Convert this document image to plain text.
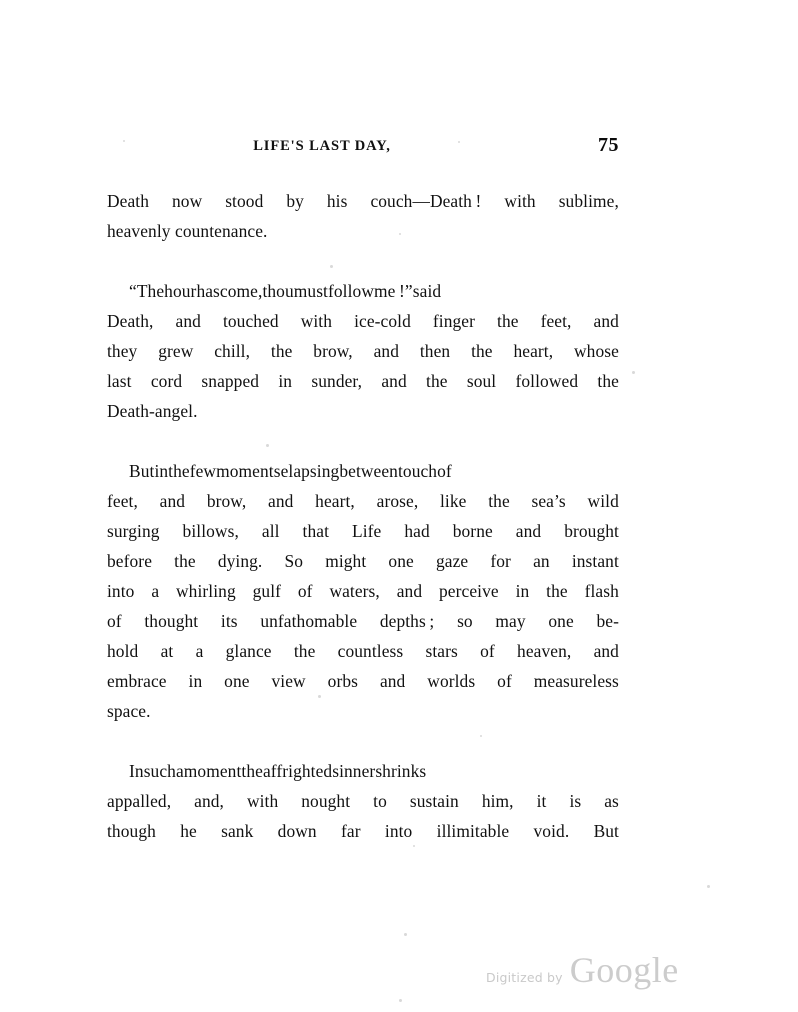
LIFE'S LAST DAY,	75

Death now stood by his couch—Death ! with sublime,
heavenly countenance.

“The hour has come, thou must follow me !” said
Death, and touched with ice-cold finger the feet, and
they grew chill, the brow, and then the heart, whose
last cord snapped in sunder, and the soul followed the
Death-angel.

But in the few moments elapsing between touch of
feet, and brow, and heart, arose, like the sea’s wild
surging billows, all that Life had borne and brought
before the dying. So might one gaze for an instant
into a whirling gulf of waters, and perceive in the flash
of thought its unfathomable depths ; so may one be-
hold at a glance the countless stars of heaven, and
embrace in one view orbs and worlds of measureless
space.

In such a moment the affrighted sinner shrinks
appalled, and, with nought to sustain him, it is as
though he sank down far into illimitable void. But

Digitized by Google
